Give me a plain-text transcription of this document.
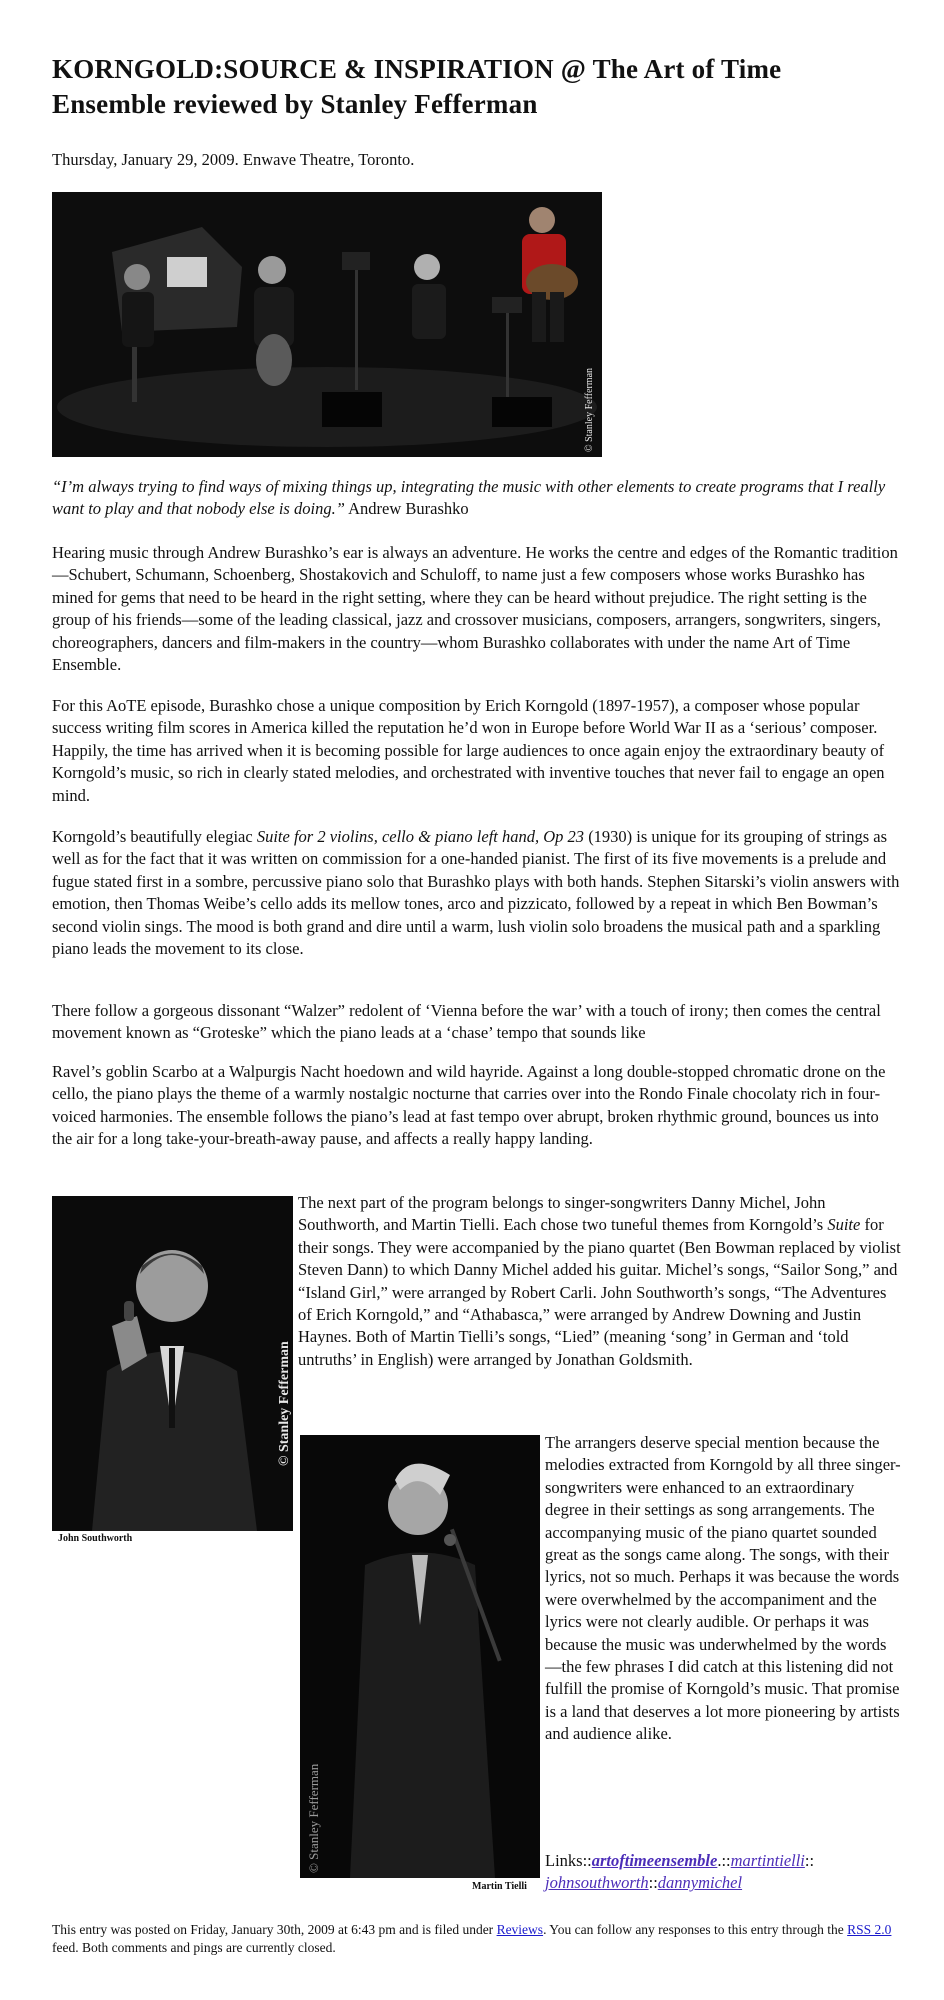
KORNGOLD:SOURCE & INSPIRATION @ The Art of Time Ensemble reviewed by Stanley Fefferman

Thursday, January 29, 2009. Enwave Theatre, Toronto.

© Stanley Fefferman

“I’m always trying to find ways of mixing things up, integrating the music with other elements to create programs that I really want to play and that nobody else is doing.” Andrew Burashko

Hearing music through Andrew Burashko’s ear is always an adventure. He works the centre and edges of the Romantic tradition—Schubert, Schumann, Schoenberg, Shostakovich and Schuloff, to name just a few composers whose works Burashko has mined for gems that need to be heard in the right setting, where they can be heard without prejudice. The right setting is the group of his friends—some of the leading classical, jazz and crossover musicians, composers, arrangers, songwriters, singers, choreographers, dancers and film-makers in the country—whom Burashko collaborates with under the name Art of Time Ensemble.

For this AoTE episode, Burashko chose a unique composition by Erich Korngold (1897-1957), a composer whose popular success writing film scores in America killed the reputation he’d won in Europe before World War II as a ‘serious’ composer. Happily, the time has arrived when it is becoming possible for large audiences to once again enjoy the extraordinary beauty of Korngold’s music, so rich in clearly stated melodies, and orchestrated with inventive touches that never fail to engage an open mind.

Korngold’s beautifully elegiac Suite for 2 violins, cello & piano left hand, Op 23 (1930) is unique for its grouping of strings as well as for the fact that it was written on commission for a one-handed pianist. The first of its five movements is a prelude and fugue stated first in a sombre, percussive piano solo that Burashko plays with both hands. Stephen Sitarski’s violin answers with emotion, then Thomas Weibe’s cello adds its mellow tones, arco and pizzicato, followed by a repeat in which Ben Bowman’s second violin sings. The mood is both grand and dire until a warm, lush violin solo broadens the musical path and a sparkling piano leads the movement to its close.

There follow a gorgeous dissonant “Walzer” redolent of ‘Vienna before the war’ with a touch of irony; then comes the central movement known as “Groteske” which the piano leads at a ‘chase’ tempo that sounds like

Ravel’s goblin Scarbo at a Walpurgis Nacht hoedown and wild hayride. Against a long double-stopped chromatic drone on the cello, the piano plays the theme of a warmly nostalgic nocturne that carries over into the Rondo Finale chocolaty rich in four-voiced harmonies. The ensemble follows the piano’s lead at fast tempo over abrupt, broken rhythmic ground, bounces us into the air for a long take-your-breath-away pause, and affects a really happy landing.

© Stanley Fefferman
John Southworth

The next part of the program belongs to singer-songwriters Danny Michel, John Southworth, and Martin Tielli. Each chose two tuneful themes from Korngold’s Suite for their songs. They were accompanied by the piano quartet (Ben Bowman replaced by violist Steven Dann) to which Danny Michel added his guitar. Michel’s songs, “Sailor Song,” and “Island Girl,” were arranged by Robert Carli. John Southworth’s songs, “The Adventures of Erich Korngold,” and “Athabasca,” were arranged by Andrew Downing and Justin Haynes. Both of Martin Tielli’s songs, “Lied” (meaning ‘song’ in German and ‘told untruths’ in English) were arranged by Jonathan Goldsmith.

© Stanley Fefferman
Martin Tielli

The arrangers deserve special mention because the melodies extracted from Korngold by all three singer-songwriters were enhanced to an extraordinary degree in their settings as song arrangements. The accompanying music of the piano quartet sounded great as the songs came along. The songs, with their lyrics, not so much. Perhaps it was because the words were overwhelmed by the accompaniment and the lyrics were not clearly audible. Or perhaps it was because the music was underwhelmed by the words—the few phrases I did catch at this listening did not fulfill the promise of Korngold’s music. That promise is a land that deserves a lot more pioneering by artists and audience alike.

Links::artoftimeensemble.::martintielli::
johnsouthworth::dannymichel

This entry was posted on Friday, January 30th, 2009 at 6:43 pm and is filed under Reviews. You can follow any responses to this entry through the RSS 2.0 feed. Both comments and pings are currently closed.
